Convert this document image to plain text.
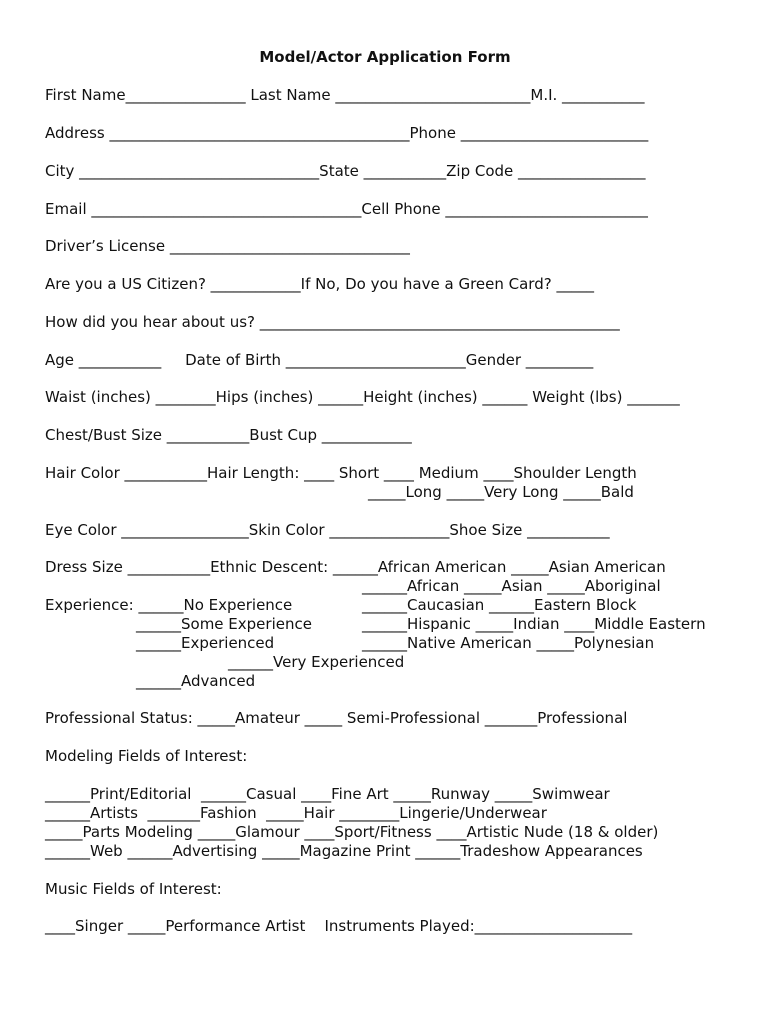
Model/Actor Application Form
First Name________________ Last Name __________________________M.I. ___________
Address ________________________________________Phone _________________________
City ________________________________State ___________Zip Code _________________
Email ____________________________________Cell Phone ___________________________
Driver’s License ________________________________
Are you a US Citizen? ____________If No, Do you have a Green Card? _____
How did you hear about us? ________________________________________________
Age ___________     Date of Birth ________________________Gender _________
Waist (inches) ________Hips (inches) ______Height (inches) ______ Weight (lbs) _______
Chest/Bust Size ___________Bust Cup ____________
Hair Color ___________Hair Length: ____ Short ____ Medium ____Shoulder Length
_____Long _____Very Long _____Bald
Eye Color _________________Skin Color ________________Shoe Size ___________
Dress Size ___________Ethnic Descent: ______African American _____Asian American
______African _____Asian _____Aboriginal
Experience: ______No Experience	______Caucasian ______Eastern Block
______Some Experience	______Hispanic _____Indian ____Middle Eastern
______Experienced	______Native American _____Polynesian
______Very Experienced
______Advanced
Professional Status: _____Amateur _____ Semi-Professional _______Professional
Modeling Fields of Interest:
______Print/Editorial  ______Casual ____Fine Art _____Runway _____Swimwear
______Artists  _______Fashion  _____Hair ________Lingerie/Underwear
_____Parts Modeling _____Glamour ____Sport/Fitness ____Artistic Nude (18 & older)
______Web ______Advertising _____Magazine Print ______Tradeshow Appearances
Music Fields of Interest:
____Singer _____Performance Artist    Instruments Played:_____________________
